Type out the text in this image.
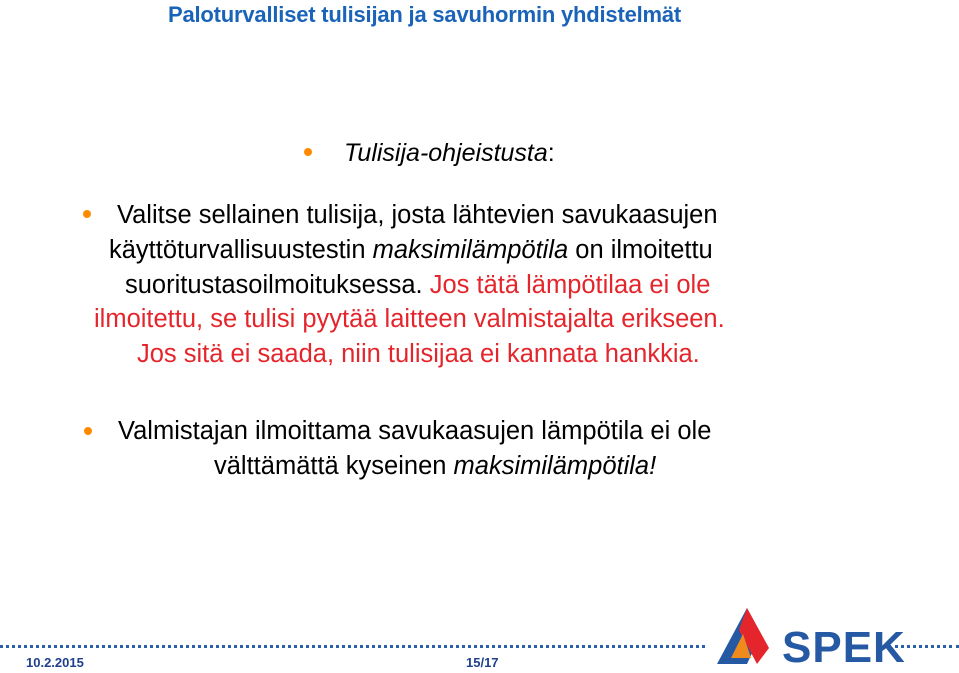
Paloturvalliset tulisijan ja savuhormin yhdistelmät
Tulisija-ohjeistusta:
Valitse sellainen tulisija, josta lähtevien savukaasujen
käyttöturvallisuustestin maksimilämpötila on ilmoitettu
suoritustasoilmoituksessa. Jos tätä lämpötilaa ei ole
ilmoitettu, se tulisi pyytää laitteen valmistajalta erikseen.
Jos sitä ei saada, niin tulisijaa ei kannata hankkia.
Valmistajan ilmoittama savukaasujen lämpötila ei ole
välttämättä kyseinen maksimilämpötila!
10.2.2015	15/17	SPEK
